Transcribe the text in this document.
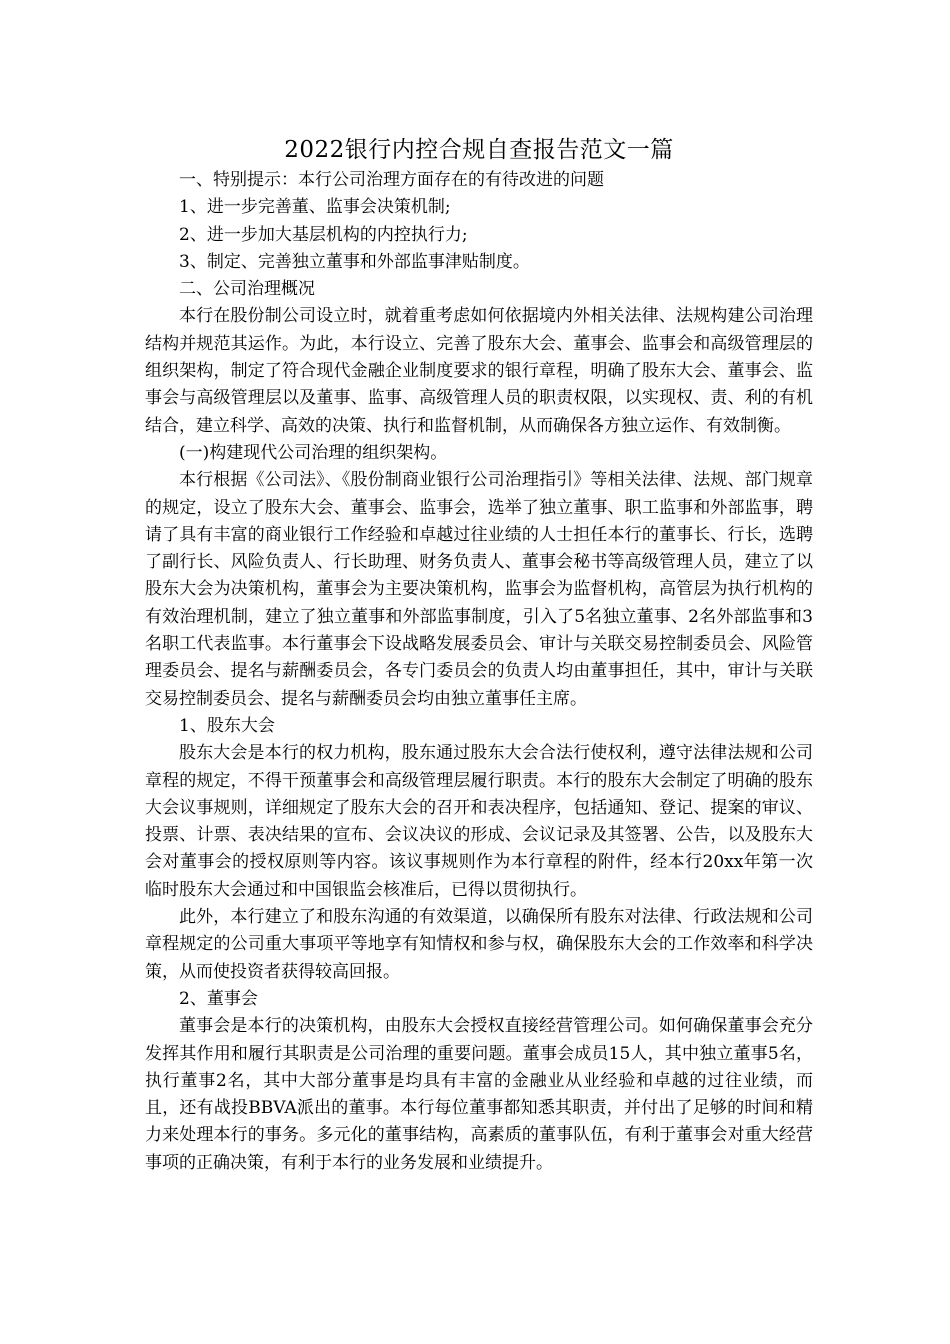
2022银行内控合规自查报告范文一篇

一、特别提示：本行公司治理方面存在的有待改进的问题

1、进一步完善董、监事会决策机制;

2、进一步加大基层机构的内控执行力;

3、制定、完善独立董事和外部监事津贴制度。

二、公司治理概况

本行在股份制公司设立时，就着重考虑如何依据境内外相关法律、法规构建公司治理结构并规范其运作。为此，本行设立、完善了股东大会、董事会、监事会和高级管理层的组织架构，制定了符合现代金融企业制度要求的银行章程，明确了股东大会、董事会、监事会与高级管理层以及董事、监事、高级管理人员的职责权限，以实现权、责、利的有机结合，建立科学、高效的决策、执行和监督机制，从而确保各方独立运作、有效制衡。

(一)构建现代公司治理的组织架构。

本行根据《公司法》、《股份制商业银行公司治理指引》等相关法律、法规、部门规章的规定，设立了股东大会、董事会、监事会，选举了独立董事、职工监事和外部监事，聘请了具有丰富的商业银行工作经验和卓越过往业绩的人士担任本行的董事长、行长，选聘了副行长、风险负责人、行长助理、财务负责人、董事会秘书等高级管理人员，建立了以股东大会为决策机构，董事会为主要决策机构，监事会为监督机构，高管层为执行机构的有效治理机制，建立了独立董事和外部监事制度，引入了5名独立董事、2名外部监事和3名职工代表监事。本行董事会下设战略发展委员会、审计与关联交易控制委员会、风险管理委员会、提名与薪酬委员会，各专门委员会的负责人均由董事担任，其中，审计与关联交易控制委员会、提名与薪酬委员会均由独立董事任主席。

1、股东大会

股东大会是本行的权力机构，股东通过股东大会合法行使权利，遵守法律法规和公司章程的规定，不得干预董事会和高级管理层履行职责。本行的股东大会制定了明确的股东大会议事规则，详细规定了股东大会的召开和表决程序，包括通知、登记、提案的审议、投票、计票、表决结果的宣布、会议决议的形成、会议记录及其签署、公告，以及股东大会对董事会的授权原则等内容。该议事规则作为本行章程的附件，经本行20xx年第一次临时股东大会通过和中国银监会核准后，已得以贯彻执行。

此外，本行建立了和股东沟通的有效渠道，以确保所有股东对法律、行政法规和公司章程规定的公司重大事项平等地享有知情权和参与权，确保股东大会的工作效率和科学决策，从而使投资者获得较高回报。

2、董事会

董事会是本行的决策机构，由股东大会授权直接经营管理公司。如何确保董事会充分发挥其作用和履行其职责是公司治理的重要问题。董事会成员15人，其中独立董事5名，执行董事2名，其中大部分董事是均具有丰富的金融业从业经验和卓越的过往业绩，而且，还有战投BBVA派出的董事。本行每位董事都知悉其职责，并付出了足够的时间和精力来处理本行的事务。多元化的董事结构，高素质的董事队伍，有利于董事会对重大经营事项的正确决策，有利于本行的业务发展和业绩提升。
